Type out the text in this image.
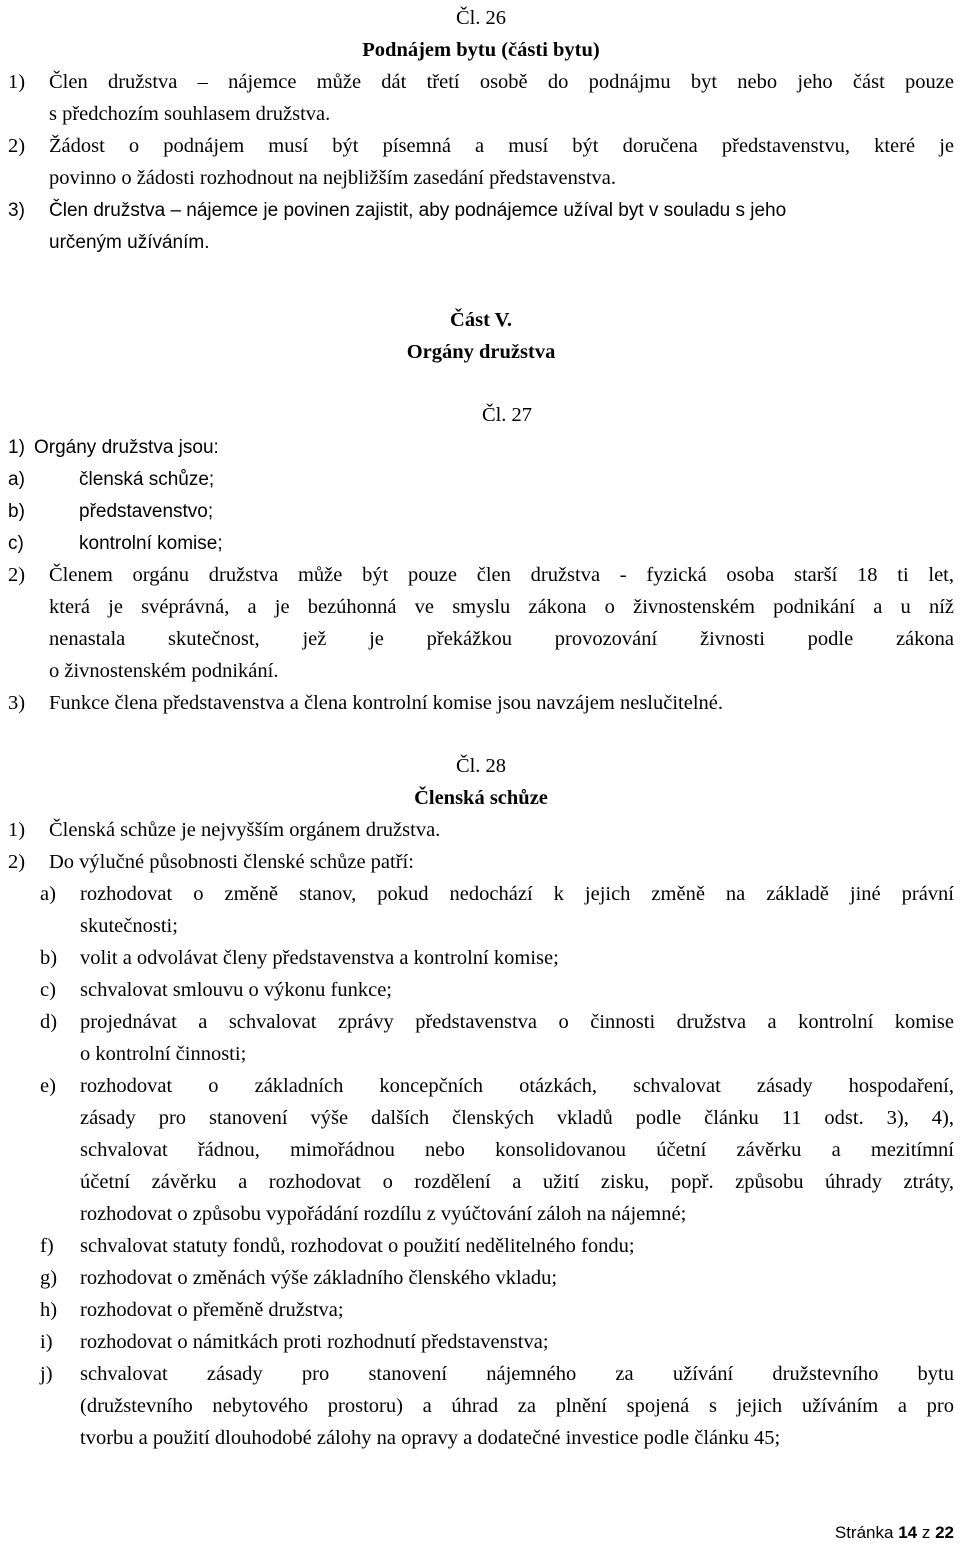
Čl. 26
Podnájem bytu (části bytu)
1) Člen družstva – nájemce může dát třetí osobě do podnájmu byt nebo jeho část pouze
s předchozím souhlasem družstva.
2) Žádost o podnájem musí být písemná a musí být doručena představenstvu, které je
povinno o žádosti rozhodnout na nejbližším zasedání představenstva.
3) Člen družstva – nájemce je povinen zajistit, aby podnájemce užíval byt v souladu s jeho
určeným užíváním.
Část V.
Orgány družstva
Čl. 27
1) Orgány družstva jsou:
a)	členská schůze;
b)	představenstvo;
c)	kontrolní komise;
2) Členem orgánu družstva může být pouze člen družstva - fyzická osoba starší 18 ti let,
která je svéprávná, a je bezúhonná ve smyslu zákona o živnostenském podnikání a u níž
nenastala skutečnost, jež je překážkou provozování živnosti podle zákona
o živnostenském podnikání.
3) Funkce člena představenstva a člena kontrolní komise jsou navzájem neslučitelné.
Čl. 28
Členská schůze
1) Členská schůze je nejvyšším orgánem družstva.
2) Do výlučné působnosti členské schůze patří:
a) rozhodovat o změně stanov, pokud nedochází k jejich změně na základě jiné právní
skutečnosti;
b) volit a odvolávat členy představenstva a kontrolní komise;
c) schvalovat smlouvu o výkonu funkce;
d) projednávat a schvalovat zprávy představenstva o činnosti družstva a kontrolní komise
o kontrolní činnosti;
e) rozhodovat o základních koncepčních otázkách, schvalovat zásady hospodaření,
zásady pro stanovení výše dalších členských vkladů podle článku 11 odst. 3), 4),
schvalovat řádnou, mimořádnou nebo konsolidovanou účetní závěrku a mezitímní
účetní závěrku a rozhodovat o rozdělení a užití zisku, popř. způsobu úhrady ztráty,
rozhodovat o způsobu vypořádání rozdílu z vyúčtování záloh na nájemné;
f) schvalovat statuty fondů, rozhodovat o použití nedělitelného fondu;
g) rozhodovat o změnách výše základního členského vkladu;
h) rozhodovat o přeměně družstva;
i) rozhodovat o námitkách proti rozhodnutí představenstva;
j) schvalovat zásady pro stanovení nájemného za užívání družstevního bytu
(družstevního nebytového prostoru) a úhrad za plnění spojená s jejich užíváním a pro
tvorbu a použití dlouhodobé zálohy na opravy a dodatečné investice podle článku 45;
Stránka 14 z 22
